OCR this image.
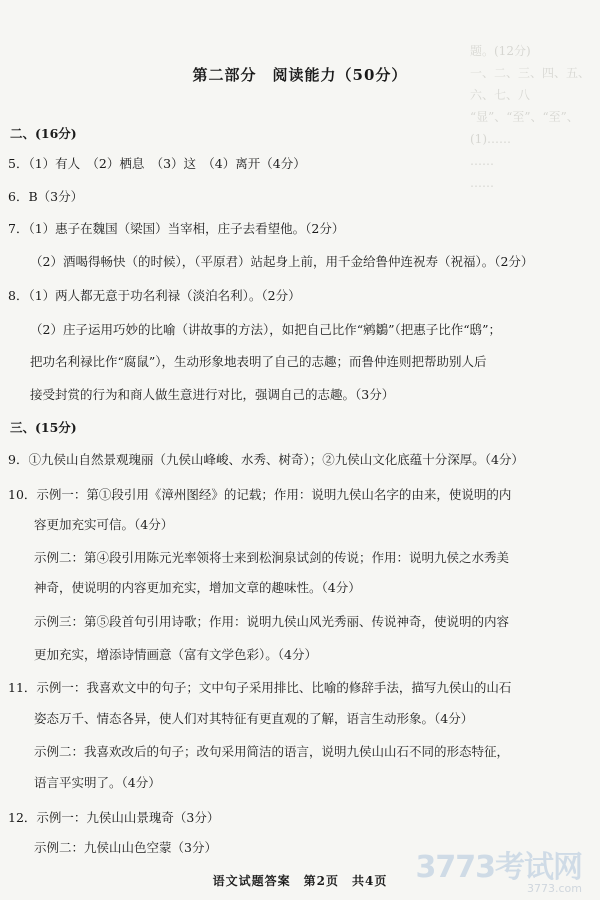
题。(12分)
一、二、三、四、五、六、七、八
“显”、“至”、“至”、
(1)……
……
……
第二部分　阅读能力（50分）
二、(16分)
5．（1）有人　（2）栖息　（3）这　（4）离开（4分）
6．B（3分）
7．（1）惠子在魏国（梁国）当宰相，庄子去看望他。（2分）
（2）酒喝得畅快（的时候），（平原君）站起身上前，用千金给鲁仲连祝寿（祝福）。（2分）
8．（1）两人都无意于功名利禄（淡泊名利）。（2分）
（2）庄子运用巧妙的比喻（讲故事的方法），如把自己比作“鹓鶵”（把惠子比作“鸱”；
把功名利禄比作“腐鼠”），生动形象地表明了自己的志趣；而鲁仲连则把帮助别人后
接受封赏的行为和商人做生意进行对比，强调自己的志趣。（3分）
三、(15分)
9．①九侯山自然景观瑰丽（九侯山峰峻、水秀、树奇）；②九侯山文化底蕴十分深厚。（4分）
10．示例一：第①段引用《漳州图经》的记载；作用：说明九侯山名字的由来，使说明的内
容更加充实可信。（4分）
示例二：第④段引用陈元光率领将士来到松涧泉试剑的传说；作用：说明九侯之水秀美
神奇，使说明的内容更加充实，增加文章的趣味性。（4分）
示例三：第⑤段首句引用诗歌；作用：说明九侯山风光秀丽、传说神奇，使说明的内容
更加充实，增添诗情画意（富有文学色彩）。（4分）
11．示例一：我喜欢文中的句子；文中句子采用排比、比喻的修辞手法，描写九侯山的山石
姿态万千、情态各异，使人们对其特征有更直观的了解，语言生动形象。（4分）
示例二：我喜欢改后的句子；改句采用简洁的语言，说明九侯山山石不同的形态特征，
语言平实明了。（4分）
12．示例一：九侯山山景瑰奇（3分）
示例二：九侯山山色空蒙（3分）
3773考试网
3773.com
语文试题答案　第2页　共4页
